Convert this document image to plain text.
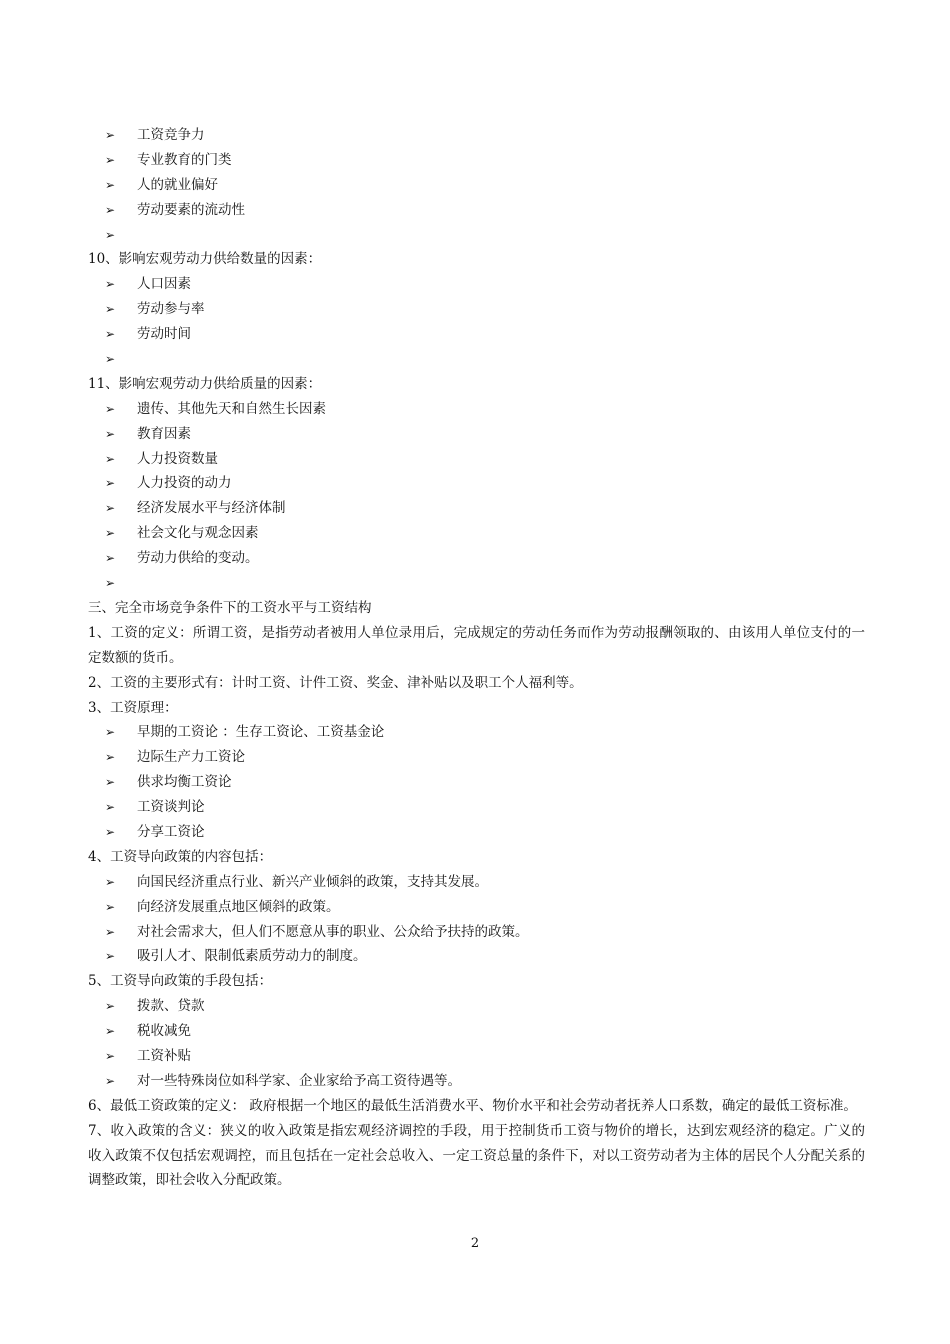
➢	工资竞争力
➢	专业教育的门类
➢	人的就业偏好
➢	劳动要素的流动性
➢
10、影响宏观劳动力供给数量的因素：
➢	人口因素
➢	劳动参与率
➢	劳动时间
➢
11、影响宏观劳动力供给质量的因素：
➢	遗传、其他先天和自然生长因素
➢	教育因素
➢	人力投资数量
➢	人力投资的动力
➢	经济发展水平与经济体制
➢	社会文化与观念因素
➢	劳动力供给的变动。
➢
三、完全市场竞争条件下的工资水平与工资结构
1、工资的定义：所谓工资，是指劳动者被用人单位录用后，完成规定的劳动任务而作为劳动报酬领取的、由该用人单位支付的一定数额的货币。
2、工资的主要形式有：计时工资、计件工资、奖金、津补贴以及职工个人福利等。
3、工资原理：
➢	早期的工资论 ：生存工资论、工资基金论
➢	边际生产力工资论
➢	供求均衡工资论
➢	工资谈判论
➢	分享工资论
4、工资导向政策的内容包括：
➢	向国民经济重点行业、新兴产业倾斜的政策，支持其发展。
➢	向经济发展重点地区倾斜的政策。
➢	对社会需求大，但人们不愿意从事的职业、公众给予扶持的政策。
➢	吸引人才、限制低素质劳动力的制度。
5、工资导向政策的手段包括：
➢	拨款、贷款
➢	税收减免
➢	工资补贴
➢	对一些特殊岗位如科学家、企业家给予高工资待遇等。
6、最低工资政策的定义： 政府根据一个地区的最低生活消费水平、物价水平和社会劳动者抚养人口系数，确定的最低工资标准。
7、收入政策的含义：狭义的收入政策是指宏观经济调控的手段，用于控制货币工资与物价的增长，达到宏观经济的稳定。广义的收入政策不仅包括宏观调控，而且包括在一定社会总收入、一定工资总量的条件下，对以工资劳动者为主体的居民个人分配关系的调整政策，即社会收入分配政策。
2
